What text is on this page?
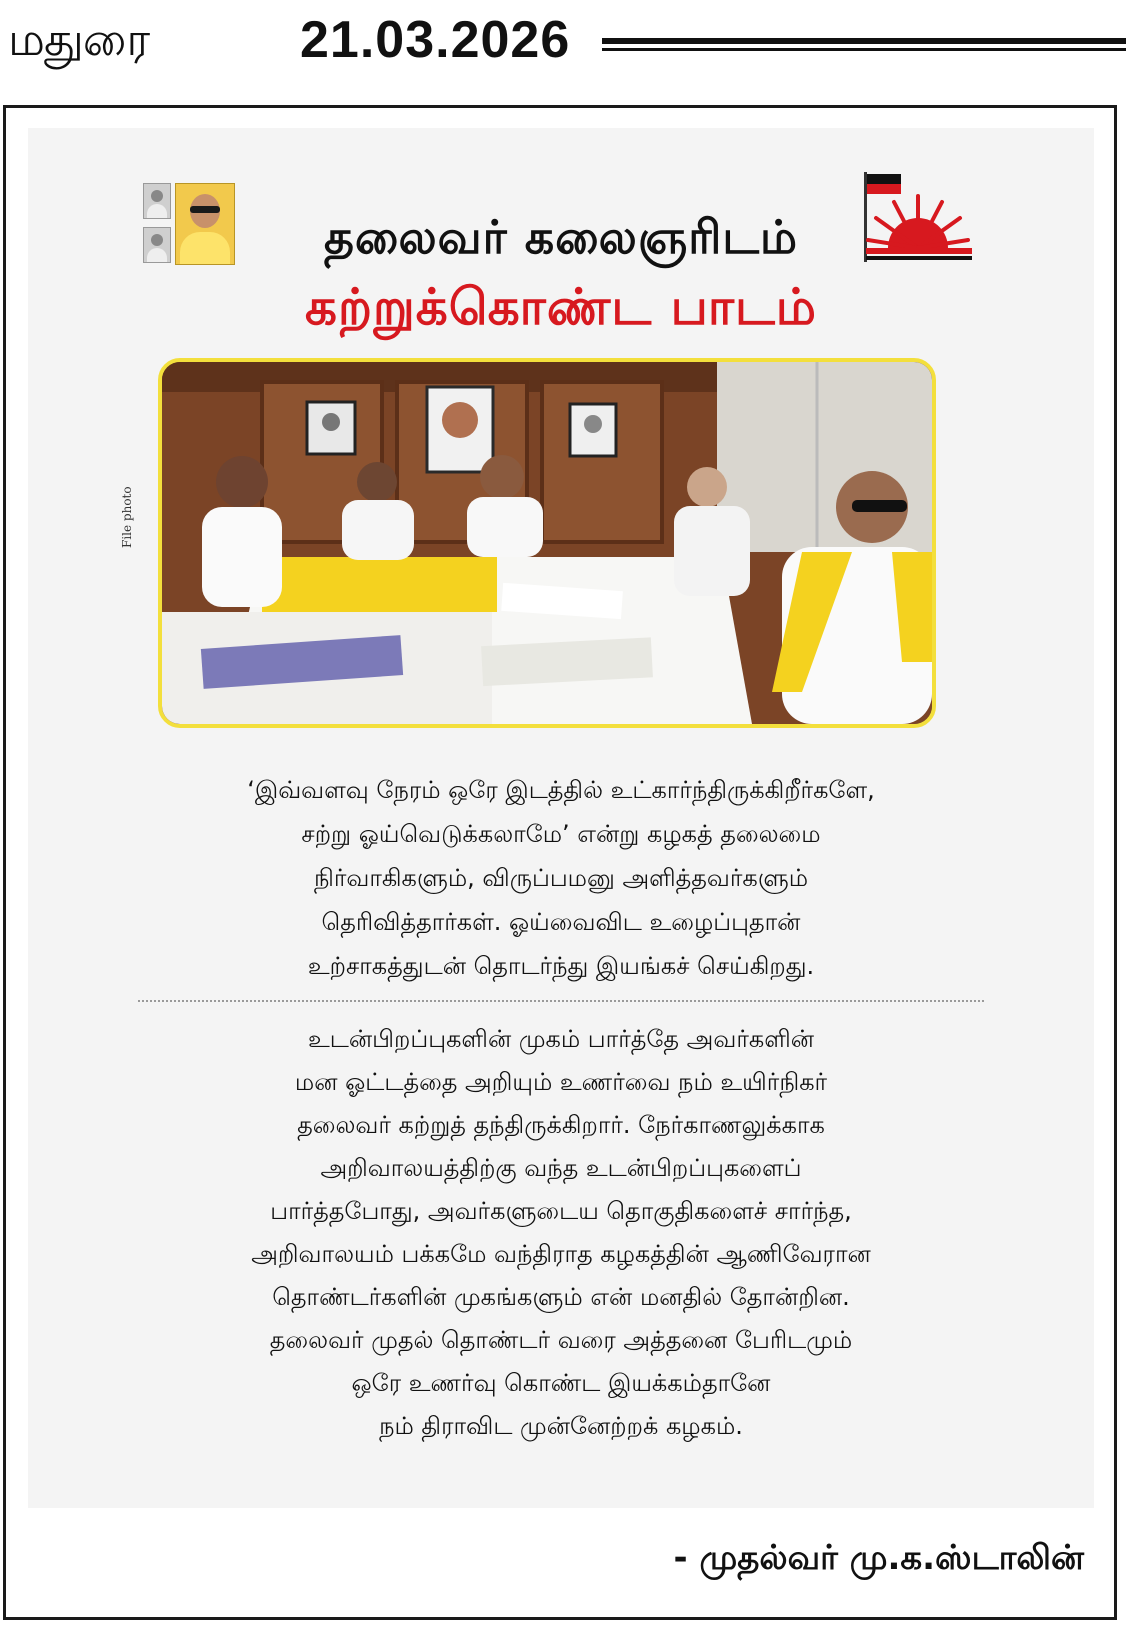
மதுரை	21.03.2026
தலைவர் கலைஞரிடம்
கற்றுக்கொண்ட பாடம்
File photo
‘இவ்வளவு நேரம் ஒரே இடத்தில் உட்கார்ந்திருக்கிறீர்களே,
சற்று ஓய்வெடுக்கலாமே’ என்று கழகத் தலைமை
நிர்வாகிகளும், விருப்பமனு அளித்தவர்களும்
தெரிவித்தார்கள். ஓய்வைவிட உழைப்புதான்
உற்சாகத்துடன் தொடர்ந்து இயங்கச் செய்கிறது.
உடன்பிறப்புகளின் முகம் பார்த்தே அவர்களின்
மன ஓட்டத்தை அறியும் உணர்வை நம் உயிர்நிகர்
தலைவர் கற்றுத் தந்திருக்கிறார். நேர்காணலுக்காக
அறிவாலயத்திற்கு வந்த உடன்பிறப்புகளைப்
பார்த்தபோது, அவர்களுடைய தொகுதிகளைச் சார்ந்த,
அறிவாலயம் பக்கமே வந்திராத கழகத்தின் ஆணிவேரான
தொண்டர்களின் முகங்களும் என் மனதில் தோன்றின.
தலைவர் முதல் தொண்டர் வரை அத்தனை பேரிடமும்
ஒரே உணர்வு கொண்ட இயக்கம்தானே
நம் திராவிட முன்னேற்றக் கழகம்.
- முதல்வர் மு.க.ஸ்டாலின்
